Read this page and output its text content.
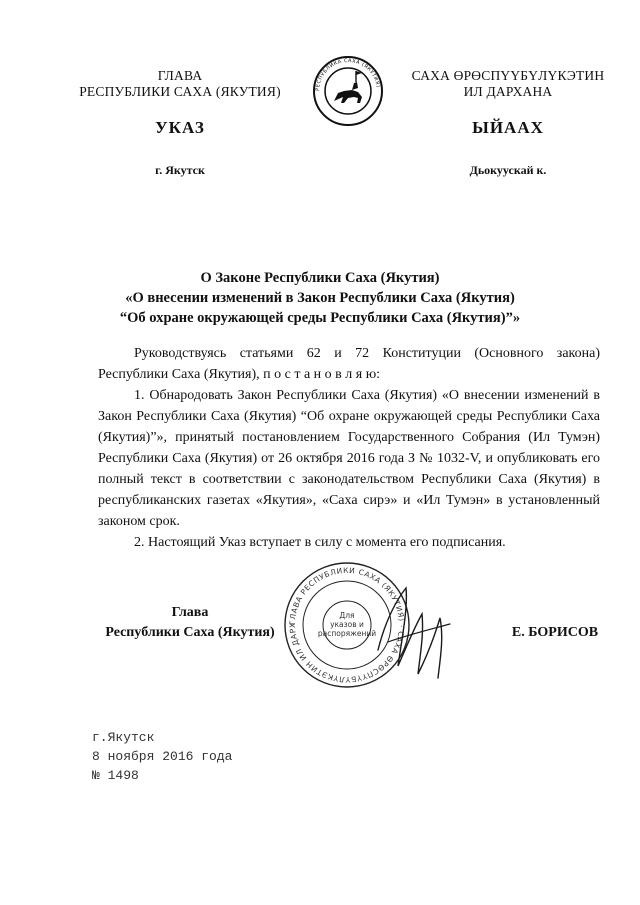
ГЛАВА
РЕСПУБЛИКИ САХА (ЯКУТИЯ)
САХА ӨРӨСПҮҮБҮЛҮКЭТИН
ИЛ ДАРХАНА
РЕСПУБЛИКА САХА (ЯКУТИЯ)
УКАЗ	ЫЙААХ
г. Якутск	Дьокуускай к.
О Законе Республики Саха (Якутия)
«О внесении изменений в Закон Республики Саха (Якутия)
“Об охране окружающей среды Республики Саха (Якутия)”»

Руководствуясь статьями 62 и 72 Конституции (Основного закона) Республики Саха (Якутия), п о с т а н о в л я ю:

1. Обнародовать Закон Республики Саха (Якутия) «О внесении изменений в Закон Республики Саха (Якутия) “Об охране окружающей среды Республики Саха (Якутия)”», принятый постановлением Государственного Собрания (Ил Тумэн) Республики Саха (Якутия) от 26 октября 2016 года З № 1032-V, и опубликовать его полный текст в соответствии с законодательством Республики Саха (Якутия) в республиканских газетах «Якутия», «Саха сирэ» и «Ил Тумэн» в установленный законом срок.

2. Настоящий Указ вступает в силу с момента его подписания.

Глава
Республики Саха (Якутия)	Е. БОРИСОВ
ГЛАВА РЕСПУБЛИКИ САХА (ЯКУТИЯ) · САХА ӨРӨСПҮҮБҮЛҮКЭТИН ИЛ ДАРХ
Для
указов и
распоряжений
г.Якутск
8 ноября 2016 года
№ 1498
